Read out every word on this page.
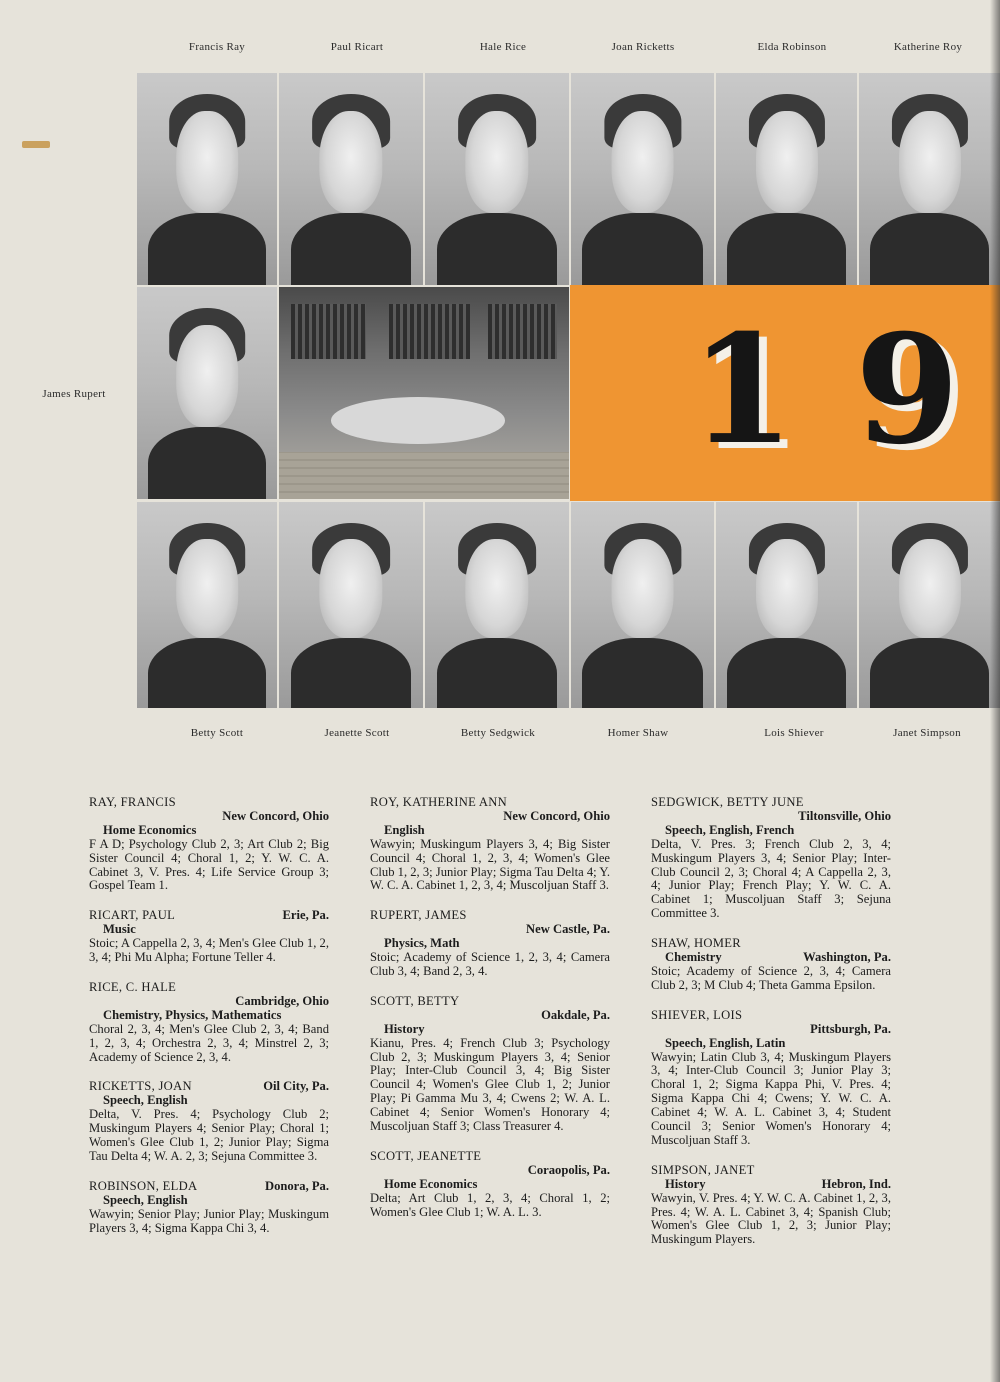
Francis Ray	Paul Ricart	Hale Rice	Joan Ricketts	Elda Robinson	Katherine Roy
James Rupert	1 9
Betty Scott	Jeanette Scott	Betty Sedgwick	Homer Shaw	Lois Shiever	Janet Simpson
RAY, FRANCIS
New Concord, Ohio
Home Economics
F A D; Psychology Club 2, 3; Art Club 2; Big Sister Council 4; Choral 1, 2; Y. W. C. A. Cabinet 3, V. Pres. 4; Life Service Group 3; Gospel Team 1.
RICART, PAUL	Erie, Pa.
Music
Stoic; A Cappella 2, 3, 4; Men's Glee Club 1, 2, 3, 4; Phi Mu Alpha; Fortune Teller 4.
RICE, C. HALE
Cambridge, Ohio
Chemistry, Physics, Mathematics
Choral 2, 3, 4; Men's Glee Club 2, 3, 4; Band 1, 2, 3, 4; Orchestra 2, 3, 4; Minstrel 2, 3; Academy of Science 2, 3, 4.
RICKETTS, JOAN	Oil City, Pa.
Speech, English
Delta, V. Pres. 4; Psychology Club 2; Muskingum Players 4; Senior Play; Choral 1; Women's Glee Club 1, 2; Junior Play; Sigma Tau Delta 4; W. A. 2, 3; Sejuna Committee 3.
ROBINSON, ELDA	Donora, Pa.
Speech, English
Wawyin; Senior Play; Junior Play; Muskingum Players 3, 4; Sigma Kappa Chi 3, 4.
ROY, KATHERINE ANN
New Concord, Ohio
English
Wawyin; Muskingum Players 3, 4; Big Sister Council 4; Choral 1, 2, 3, 4; Women's Glee Club 1, 2, 3; Junior Play; Sigma Tau Delta 4; Y. W. C. A. Cabinet 1, 2, 3, 4; Muscoljuan Staff 3.
RUPERT, JAMES
New Castle, Pa.
Physics, Math
Stoic; Academy of Science 1, 2, 3, 4; Camera Club 3, 4; Band 2, 3, 4.
SCOTT, BETTY
Oakdale, Pa.
History
Kianu, Pres. 4; French Club 3; Psychology Club 2, 3; Muskingum Players 3, 4; Senior Play; Inter-Club Council 3, 4; Big Sister Council 4; Women's Glee Club 1, 2; Junior Play; Pi Gamma Mu 3, 4; Cwens 2; W. A. L. Cabinet 4; Senior Women's Honorary 4; Muscoljuan Staff 3; Class Treasurer 4.
SCOTT, JEANETTE
Coraopolis, Pa.
Home Economics
Delta; Art Club 1, 2, 3, 4; Choral 1, 2; Women's Glee Club 1; W. A. L. 3.
SEDGWICK, BETTY JUNE
Tiltonsville, Ohio
Speech, English, French
Delta, V. Pres. 3; French Club 2, 3, 4; Muskingum Players 3, 4; Senior Play; Inter-Club Council 2, 3; Choral 4; A Cappella 2, 3, 4; Junior Play; French Play; Y. W. C. A. Cabinet 1; Muscoljuan Staff 3; Sejuna Committee 3.
SHAW, HOMER
Chemistry	Washington, Pa.
Stoic; Academy of Science 2, 3, 4; Camera Club 2, 3; M Club 4; Theta Gamma Epsilon.
SHIEVER, LOIS
Pittsburgh, Pa.
Speech, English, Latin
Wawyin; Latin Club 3, 4; Muskingum Players 3, 4; Inter-Club Council 3; Junior Play 3; Choral 1, 2; Sigma Kappa Phi, V. Pres. 4; Sigma Kappa Chi 4; Cwens; Y. W. C. A. Cabinet 4; W. A. L. Cabinet 3, 4; Student Council 3; Senior Women's Honorary 4; Muscoljuan Staff 3.
SIMPSON, JANET
History	Hebron, Ind.
Wawyin, V. Pres. 4; Y. W. C. A. Cabinet 1, 2, 3, Pres. 4; W. A. L. Cabinet 3, 4; Spanish Club; Women's Glee Club 1, 2, 3; Junior Play; Muskingum Players.
